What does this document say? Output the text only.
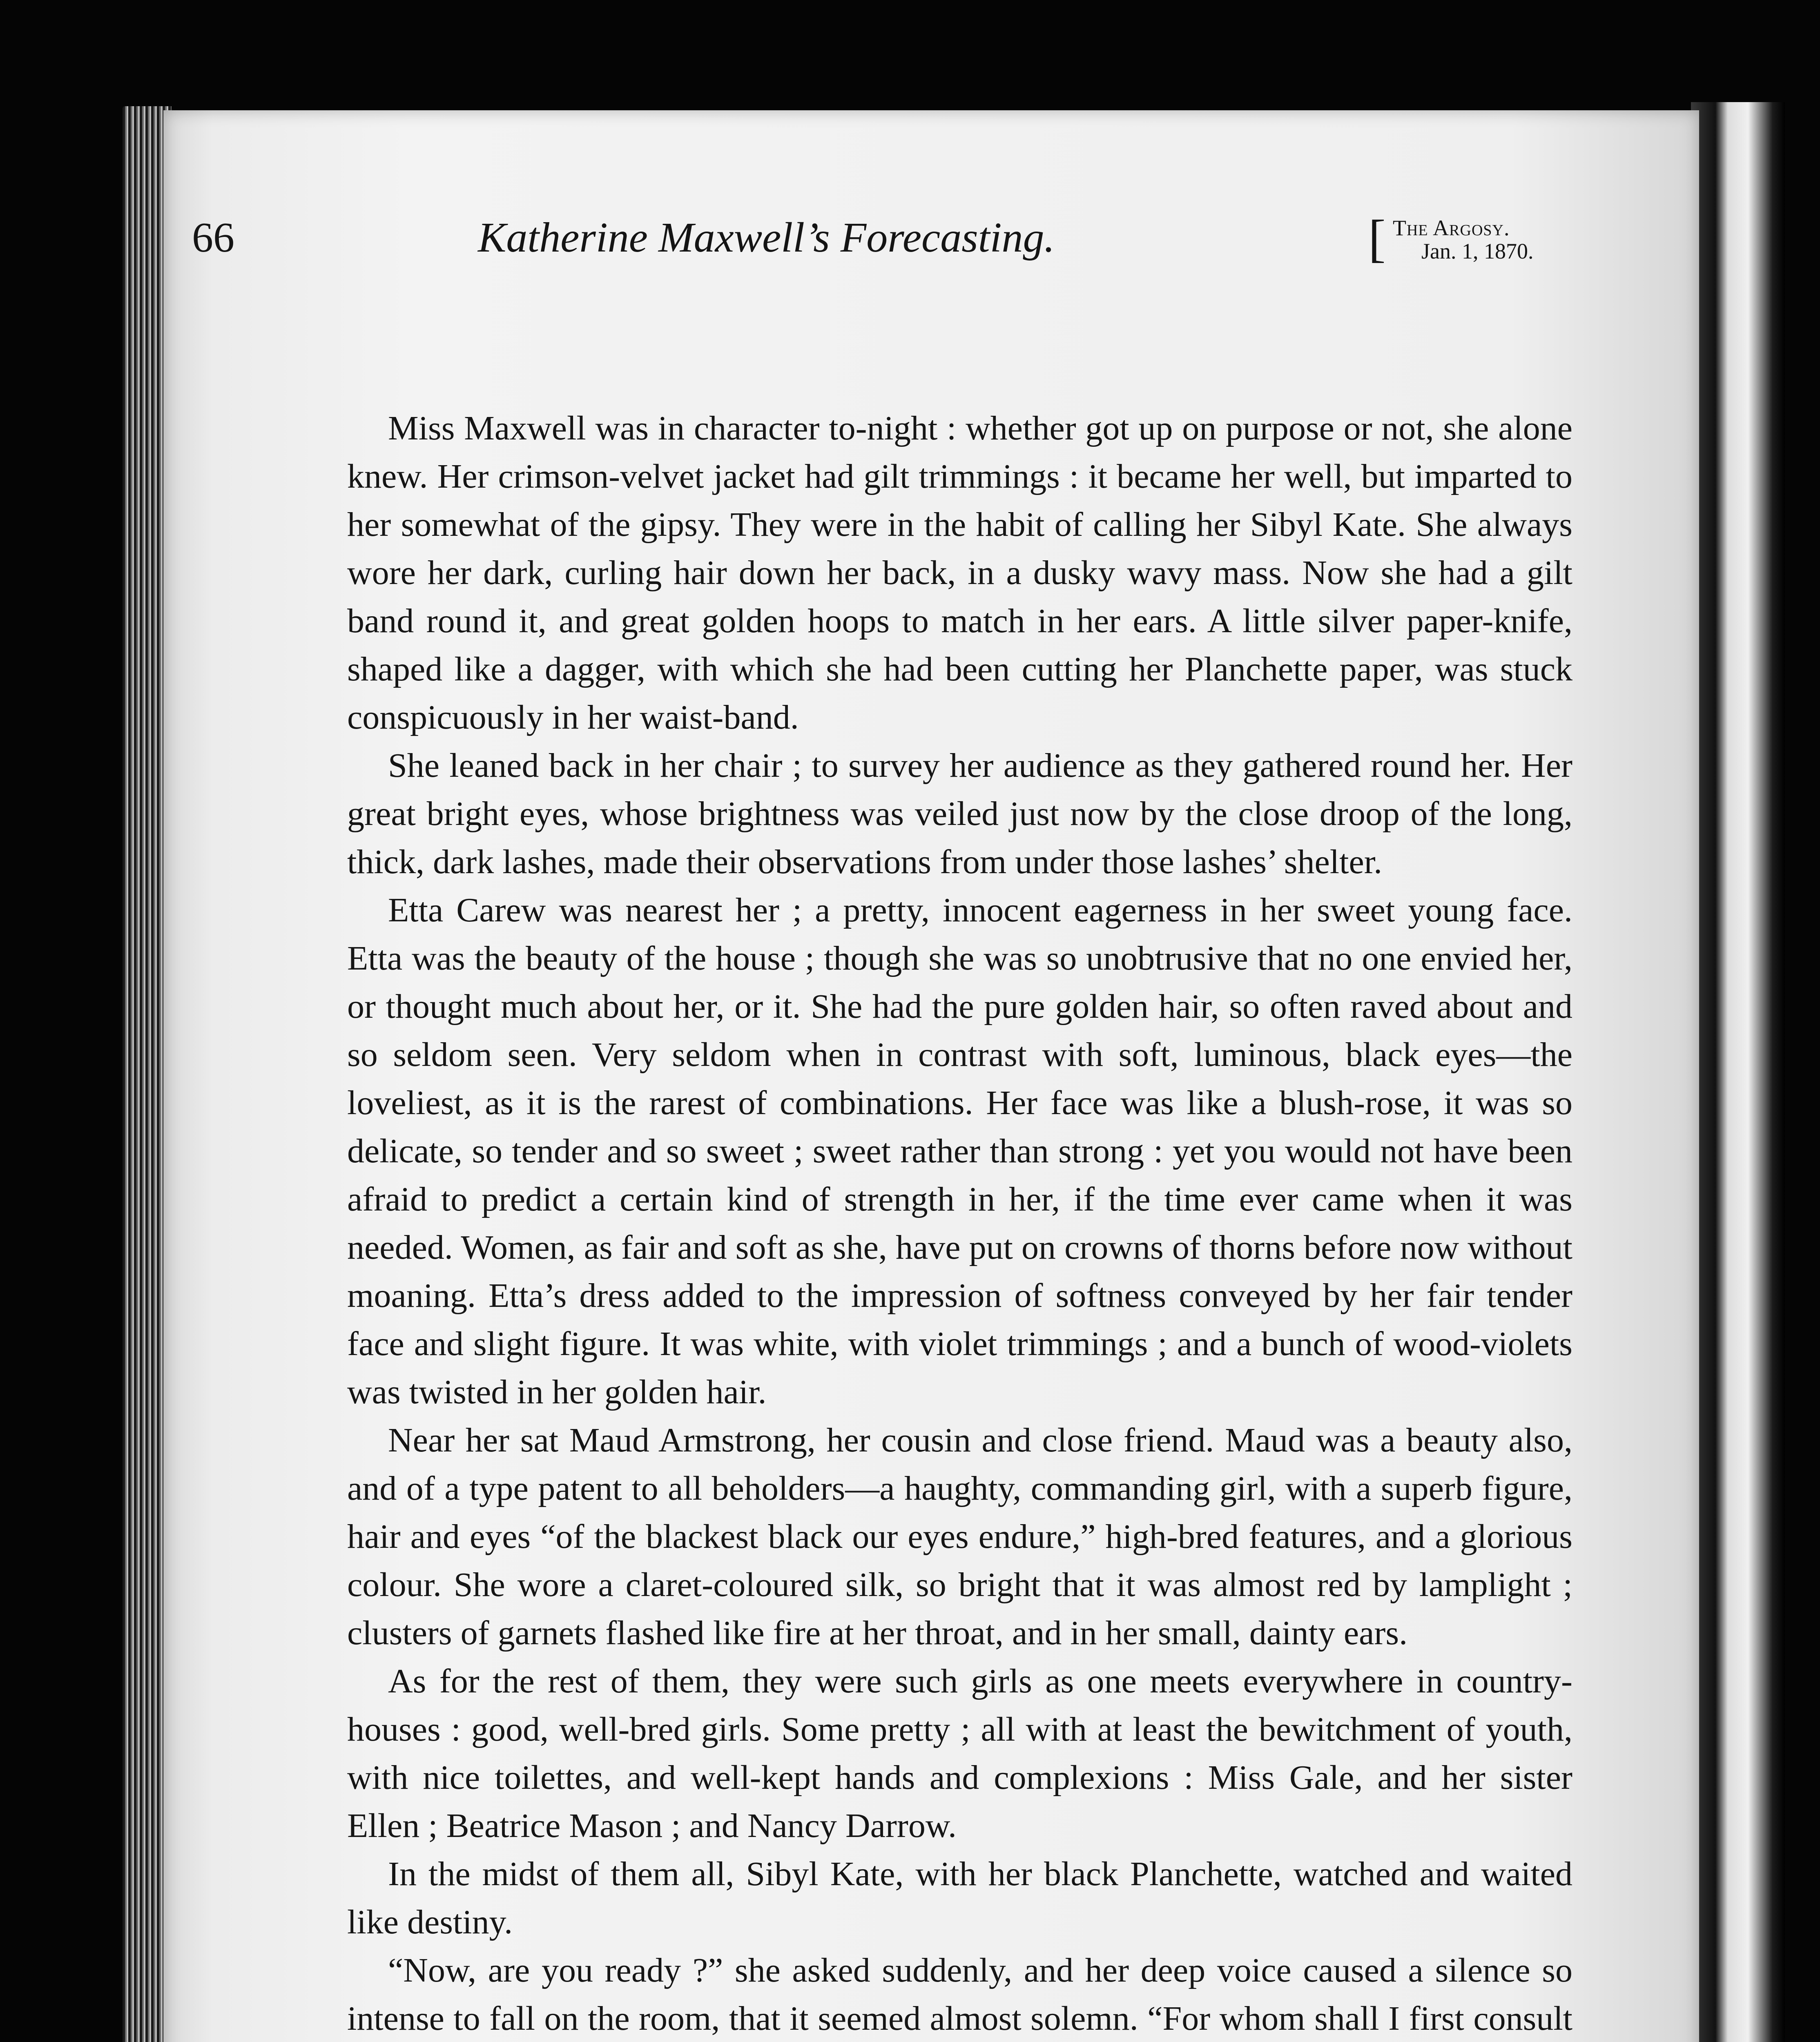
66	Katherine Maxwell’s Forecasting.	[ The Argosy.
Jan. 1, 1870.

Miss Maxwell was in character to-night : whether got up on purpose or not, she alone knew. Her crimson-velvet jacket had gilt trimmings : it became her well, but imparted to her somewhat of the gipsy. They were in the habit of calling her Sibyl Kate. She always wore her dark, curling hair down her back, in a dusky wavy mass. Now she had a gilt band round it, and great golden hoops to match in her ears. A little silver paper-knife, shaped like a dagger, with which she had been cutting her Planchette paper, was stuck conspicuously in her waist-band.

She leaned back in her chair ; to survey her audience as they gathered round her. Her great bright eyes, whose brightness was veiled just now by the close droop of the long, thick, dark lashes, made their observations from under those lashes’ shelter.

Etta Carew was nearest her ; a pretty, innocent eagerness in her sweet young face. Etta was the beauty of the house ; though she was so unobtrusive that no one envied her, or thought much about her, or it. She had the pure golden hair, so often raved about and so seldom seen. Very seldom when in contrast with soft, luminous, black eyes—the loveliest, as it is the rarest of combinations. Her face was like a blush-rose, it was so delicate, so tender and so sweet ; sweet rather than strong : yet you would not have been afraid to predict a certain kind of strength in her, if the time ever came when it was needed. Women, as fair and soft as she, have put on crowns of thorns before now without moaning. Etta’s dress added to the impression of softness conveyed by her fair tender face and slight figure. It was white, with violet trimmings ; and a bunch of wood-violets was twisted in her golden hair.

Near her sat Maud Armstrong, her cousin and close friend. Maud was a beauty also, and of a type patent to all beholders—a haughty, commanding girl, with a superb figure, hair and eyes “of the blackest black our eyes endure,” high-bred features, and a glorious colour. She wore a claret-coloured silk, so bright that it was almost red by lamplight ; clusters of garnets flashed like fire at her throat, and in her small, dainty ears.

As for the rest of them, they were such girls as one meets everywhere in country-houses : good, well-bred girls. Some pretty ; all with at least the bewitchment of youth, with nice toilettes, and well-kept hands and complexions : Miss Gale, and her sister Ellen ; Beatrice Mason ; and Nancy Darrow.

In the midst of them all, Sibyl Kate, with her black Planchette, watched and waited like destiny.

“Now, are you ready ?” she asked suddenly, and her deep voice caused a silence so intense to fall on the room, that it seemed almost solemn. “For whom shall I first consult
